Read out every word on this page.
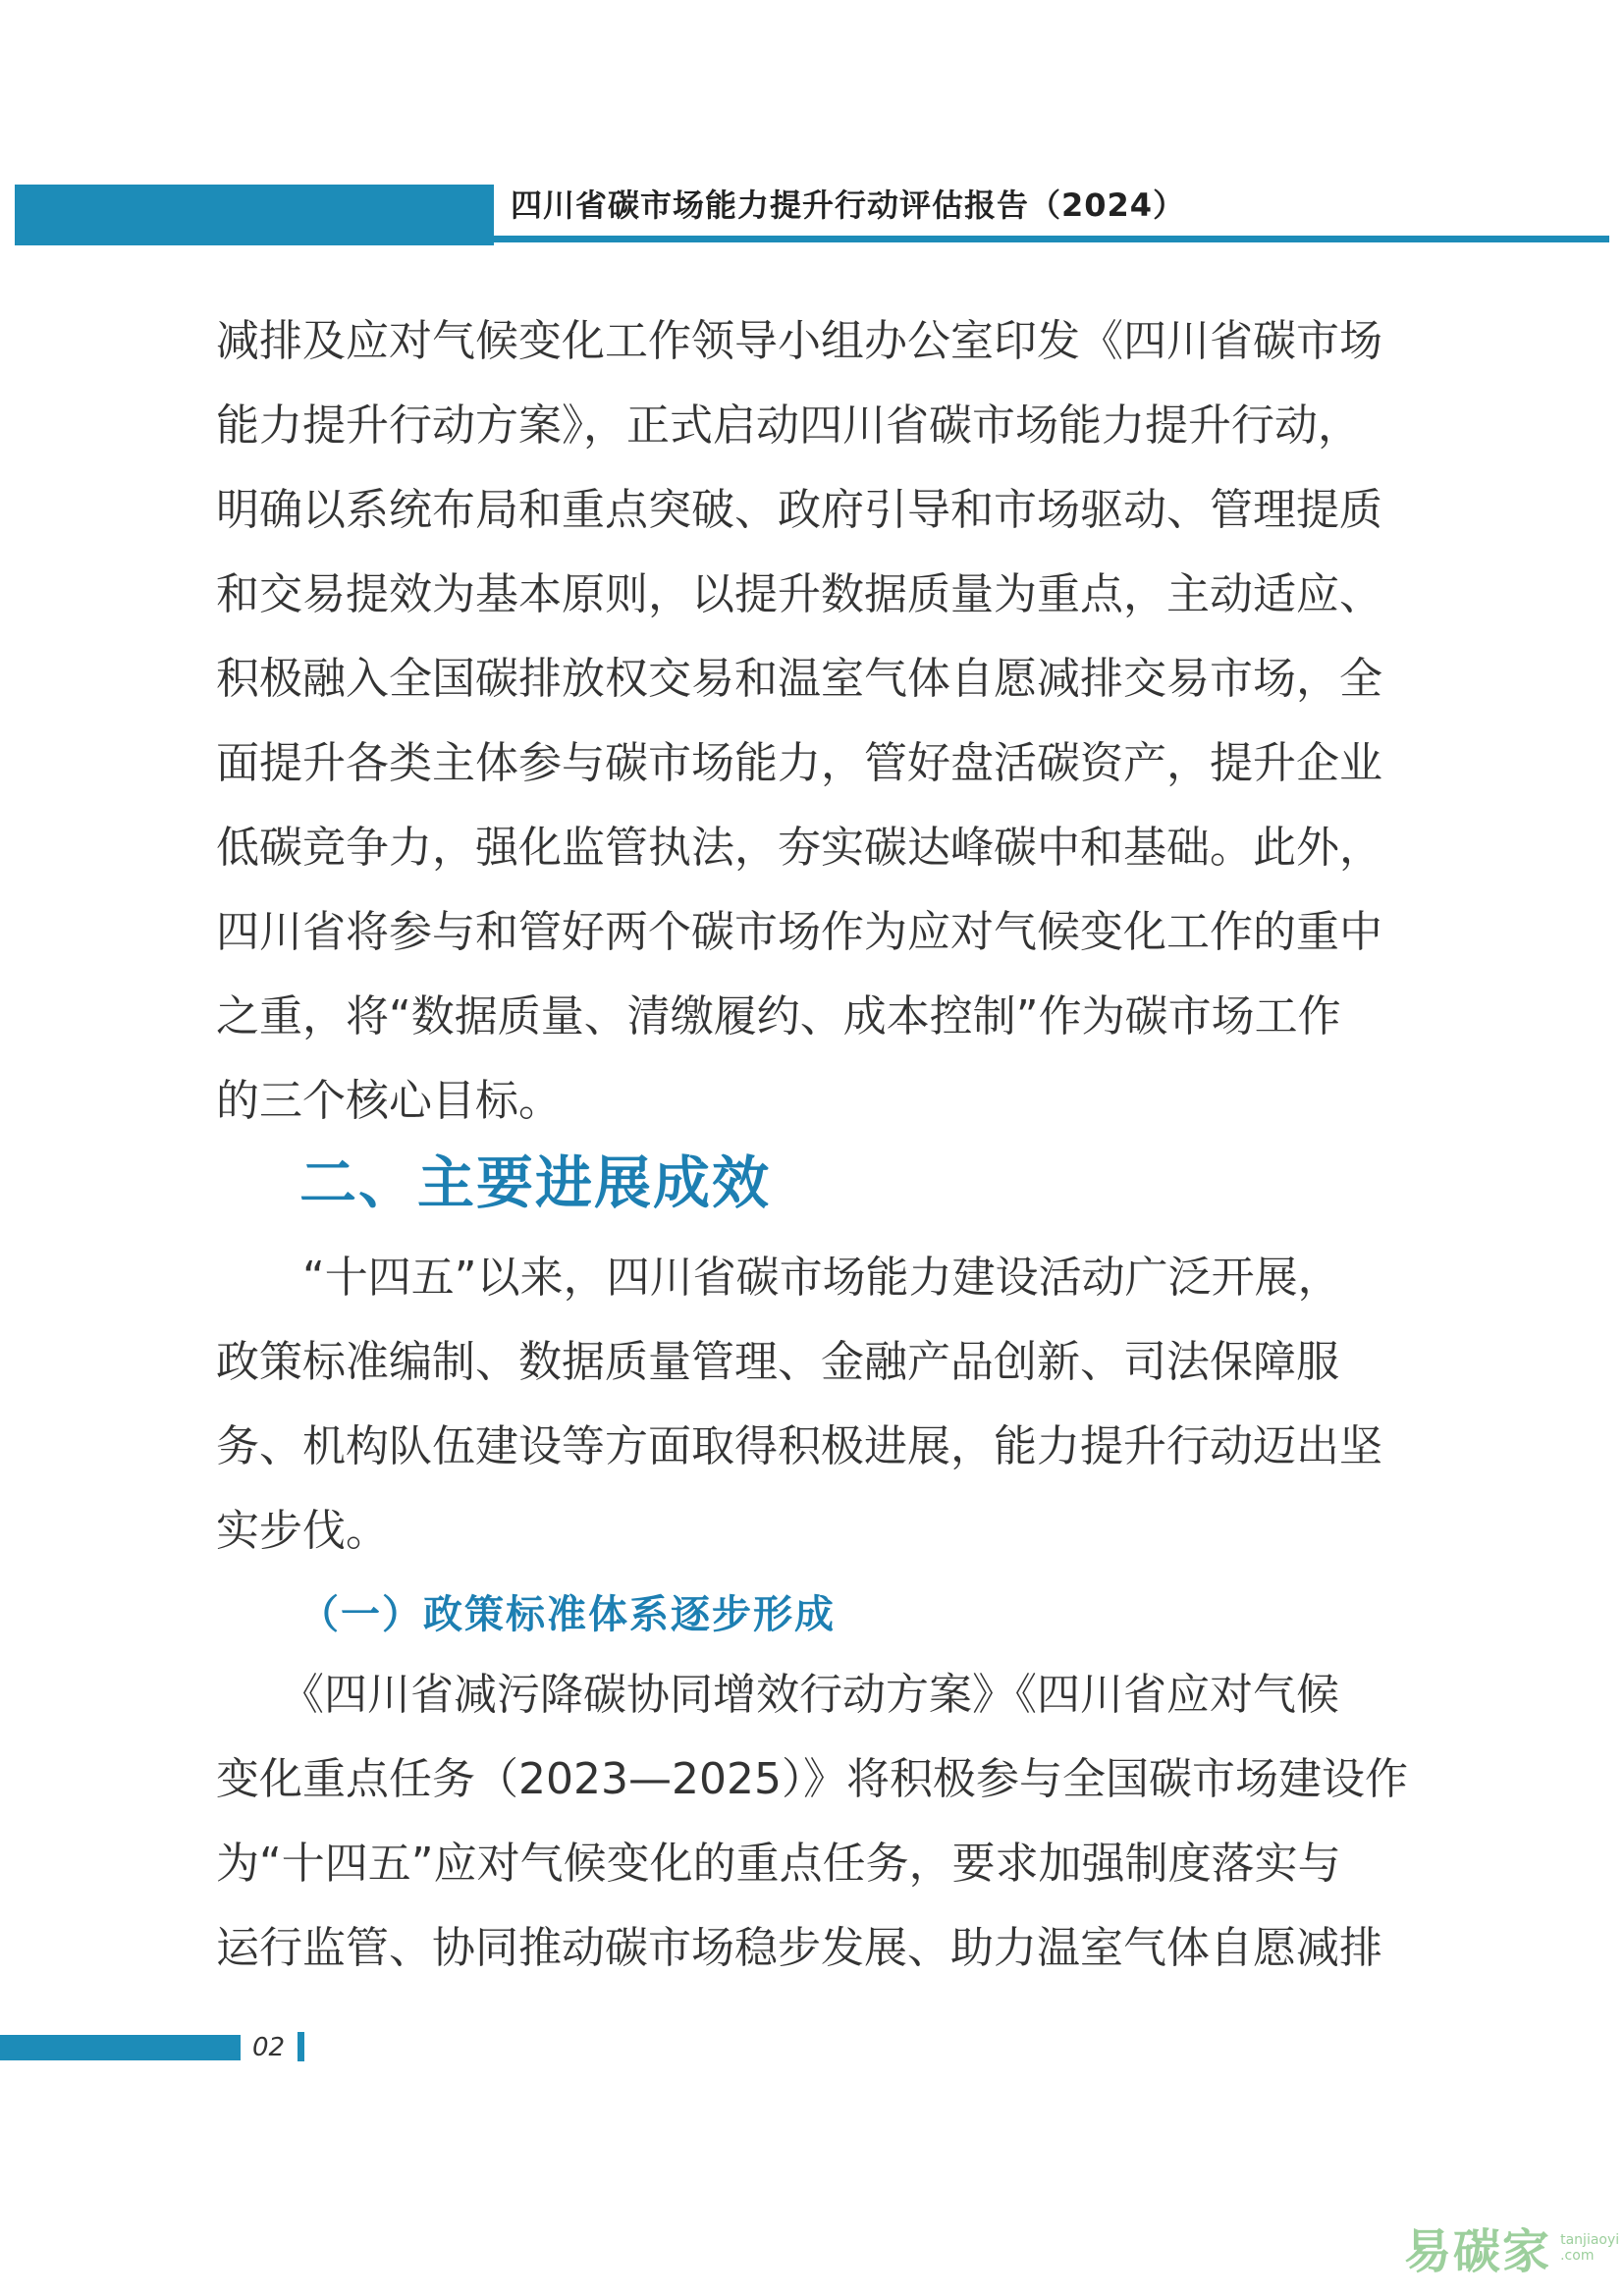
四川省碳市场能力提升行动评估报告（2024）
减排及应对气候变化工作领导小组办公室印发《四川省碳市场
能力提升行动方案》，正式启动四川省碳市场能力提升行动，
明确以系统布局和重点突破、政府引导和市场驱动、管理提质
和交易提效为基本原则，以提升数据质量为重点，主动适应、
积极融入全国碳排放权交易和温室气体自愿减排交易市场，全
面提升各类主体参与碳市场能力，管好盘活碳资产，提升企业
低碳竞争力，强化监管执法，夯实碳达峰碳中和基础。此外，
四川省将参与和管好两个碳市场作为应对气候变化工作的重中
之重，将“数据质量、清缴履约、成本控制”作为碳市场工作
的三个核心目标。
二、主要进展成效
“十四五”以来，四川省碳市场能力建设活动广泛开展，
政策标准编制、数据质量管理、金融产品创新、司法保障服
务、机构队伍建设等方面取得积极进展，能力提升行动迈出坚
实步伐。
（一）政策标准体系逐步形成
《四川省减污降碳协同增效行动方案》《四川省应对气候
变化重点任务（2023—2025）》将积极参与全国碳市场建设作
为“十四五”应对气候变化的重点任务，要求加强制度落实与
运行监管、协同推动碳市场稳步发展、助力温室气体自愿减排
02
易碳家 tanjiaoyi
.com
